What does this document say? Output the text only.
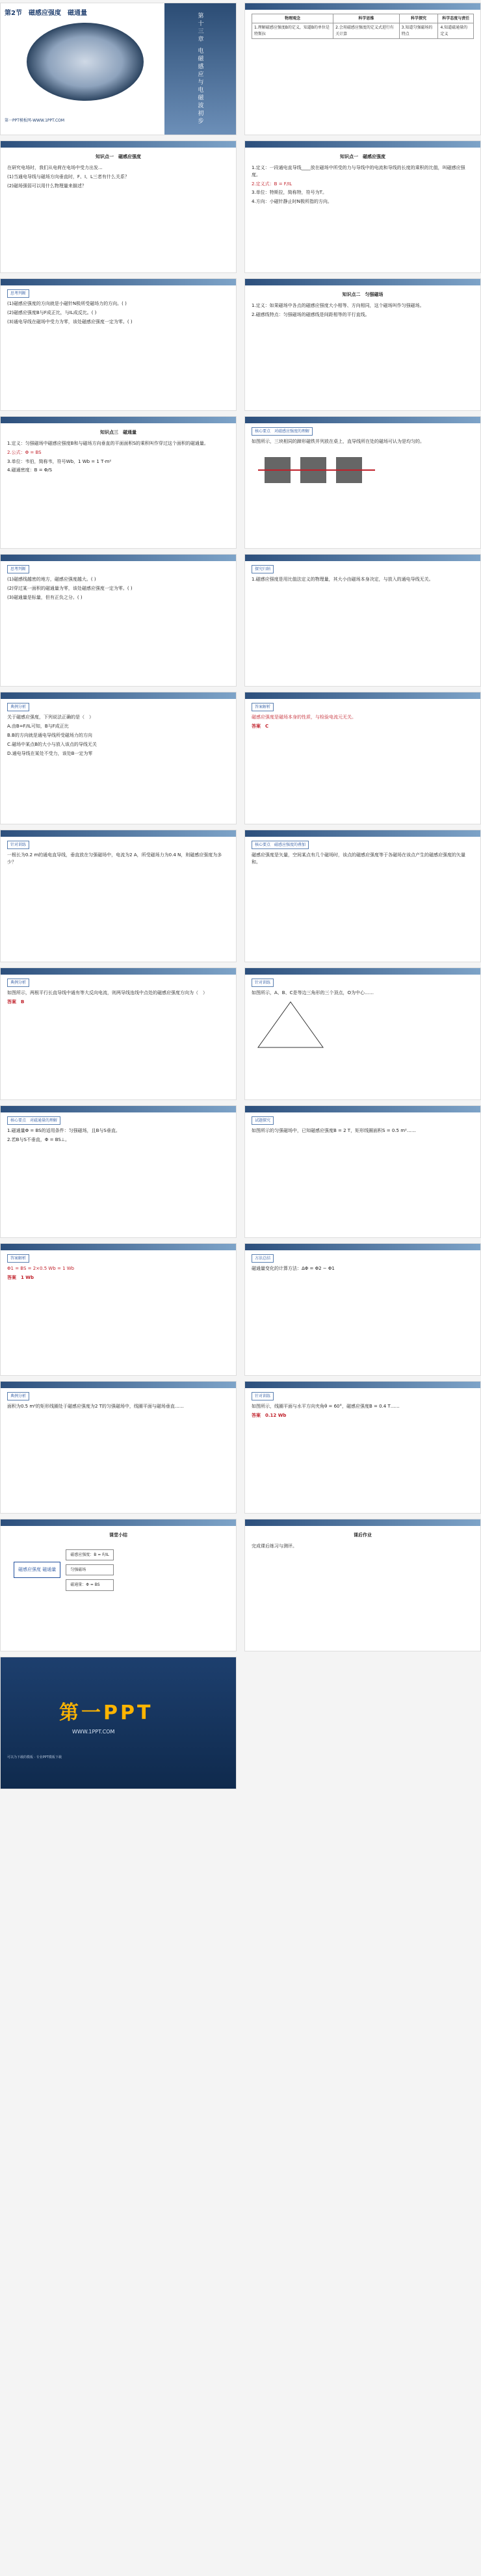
第2节　磁感应强度　磁通量	第十三章 电磁感应与电磁波初步
第一PPT模板网-WWW.1PPT.COM
物理观念	科学思维	科学探究	科学态度与责任
1.理解磁感应强度B的定义，知道B的单位是特斯拉	2.会用磁感应强度的定义式进行有关计算	3.知道匀强磁场的特点	4.知道磁通量的定义
知识点一　磁感应强度

在研究电场时，我们从电荷在电场中受力出发...

(1)当通电导线与磁场方向垂直时，F、I、L三者有什么关系？

(2)磁场强弱可以用什么物理量来描述？

知识点一　磁感应强度

1.定义：一段通电直导线____放在磁场中所受的力与导线中的电流和导线的长度的乘积的比值，叫磁感应强度。

2.定义式：B = F/IL

3.单位：特斯拉，简称特，符号为T。

4.方向：小磁针静止时N极所指的方向。

思考判断

(1)磁感应强度的方向就是小磁针N极所受磁场力的方向。( )

(2)磁感应强度B与F成正比，与IL成反比。( )

(3)通电导线在磁场中受力为零，该处磁感应强度一定为零。( )

知识点二　匀强磁场

1.定义：如果磁场中各点的磁感应强度大小相等、方向相同，这个磁场叫作匀强磁场。

2.磁感线特点：匀强磁场的磁感线是间距相等的平行直线。

知识点三　磁通量

1.定义：匀强磁场中磁感应强度B和与磁场方向垂直的平面面积S的乘积叫作穿过这个面积的磁通量。

2.公式：Φ = BS

3.单位：韦伯，简称韦，符号Wb，1 Wb = 1 T·m²

4.磁通密度：B = Φ/S

核心要点　对磁感应强度的理解

如图所示，三块相同的蹄形磁铁并列放在桌上，直导线所在处的磁场可认为是均匀的。

思考判断

(1)磁感线越密的地方，磁感应强度越大。( )

(2)穿过某一面积的磁通量为零，该处磁感应强度一定为零。( )

(3)磁通量是标量，但有正负之分。( )

探究归纳

1.磁感应强度是用比值法定义的物理量，其大小由磁场本身决定，与放入的通电导线无关。

典例分析

关于磁感应强度，下列说法正确的是（　）

A.由B=F/IL可知，B与F成正比

B.B的方向就是通电导线所受磁场力的方向

C.磁场中某点B的大小与放入该点的导线无关

D.通电导线在某处不受力，该处B一定为零

答案解析

磁感应强度是磁场本身的性质，与检验电流元无关。

答案　C

针对训练

一根长为0.2 m的通电直导线，垂直放在匀强磁场中，电流为2 A，所受磁场力为0.4 N，则磁感应强度为多少？

核心要点　磁感应强度的叠加

磁感应强度是矢量，空间某点有几个磁场时，该点的磁感应强度等于各磁场在该点产生的磁感应强度的矢量和。

典例分析

如图所示，两根平行长直导线中通有等大反向电流，则两导线连线中点处的磁感应强度方向为（　）

答案　B

针对训练

如图所示，A、B、C是等边三角形的三个顶点，O为中心……

核心要点　对磁通量的理解

1.磁通量Φ = BS的适用条件：匀强磁场，且B与S垂直。

2.若B与S不垂直，Φ = BS⊥。

试题探究

如图所示的匀强磁场中，已知磁感应强度B = 2 T，矩形线圈面积S = 0.5 m²……

答案解析

Φ1 = BS = 2×0.5 Wb = 1 Wb

答案　1 Wb

方法总结

磁通量变化的计算方法：ΔΦ = Φ2 − Φ1

典例分析

面积为0.5 m²的矩形线圈处于磁感应强度为2 T的匀强磁场中，线圈平面与磁场垂直……

针对训练

如图所示，线圈平面与水平方向夹角θ = 60°，磁感应强度B = 0.4 T……

答案　0.12 Wb

课堂小结
磁感应强度 磁通量
磁感应强度：B = F/IL
匀强磁场
磁通量：Φ = BS
课后作业

完成课后练习与测评。

第一PPT
WWW.1PPT.COM
可以为下载的模板 · 专业PPT模板下载
